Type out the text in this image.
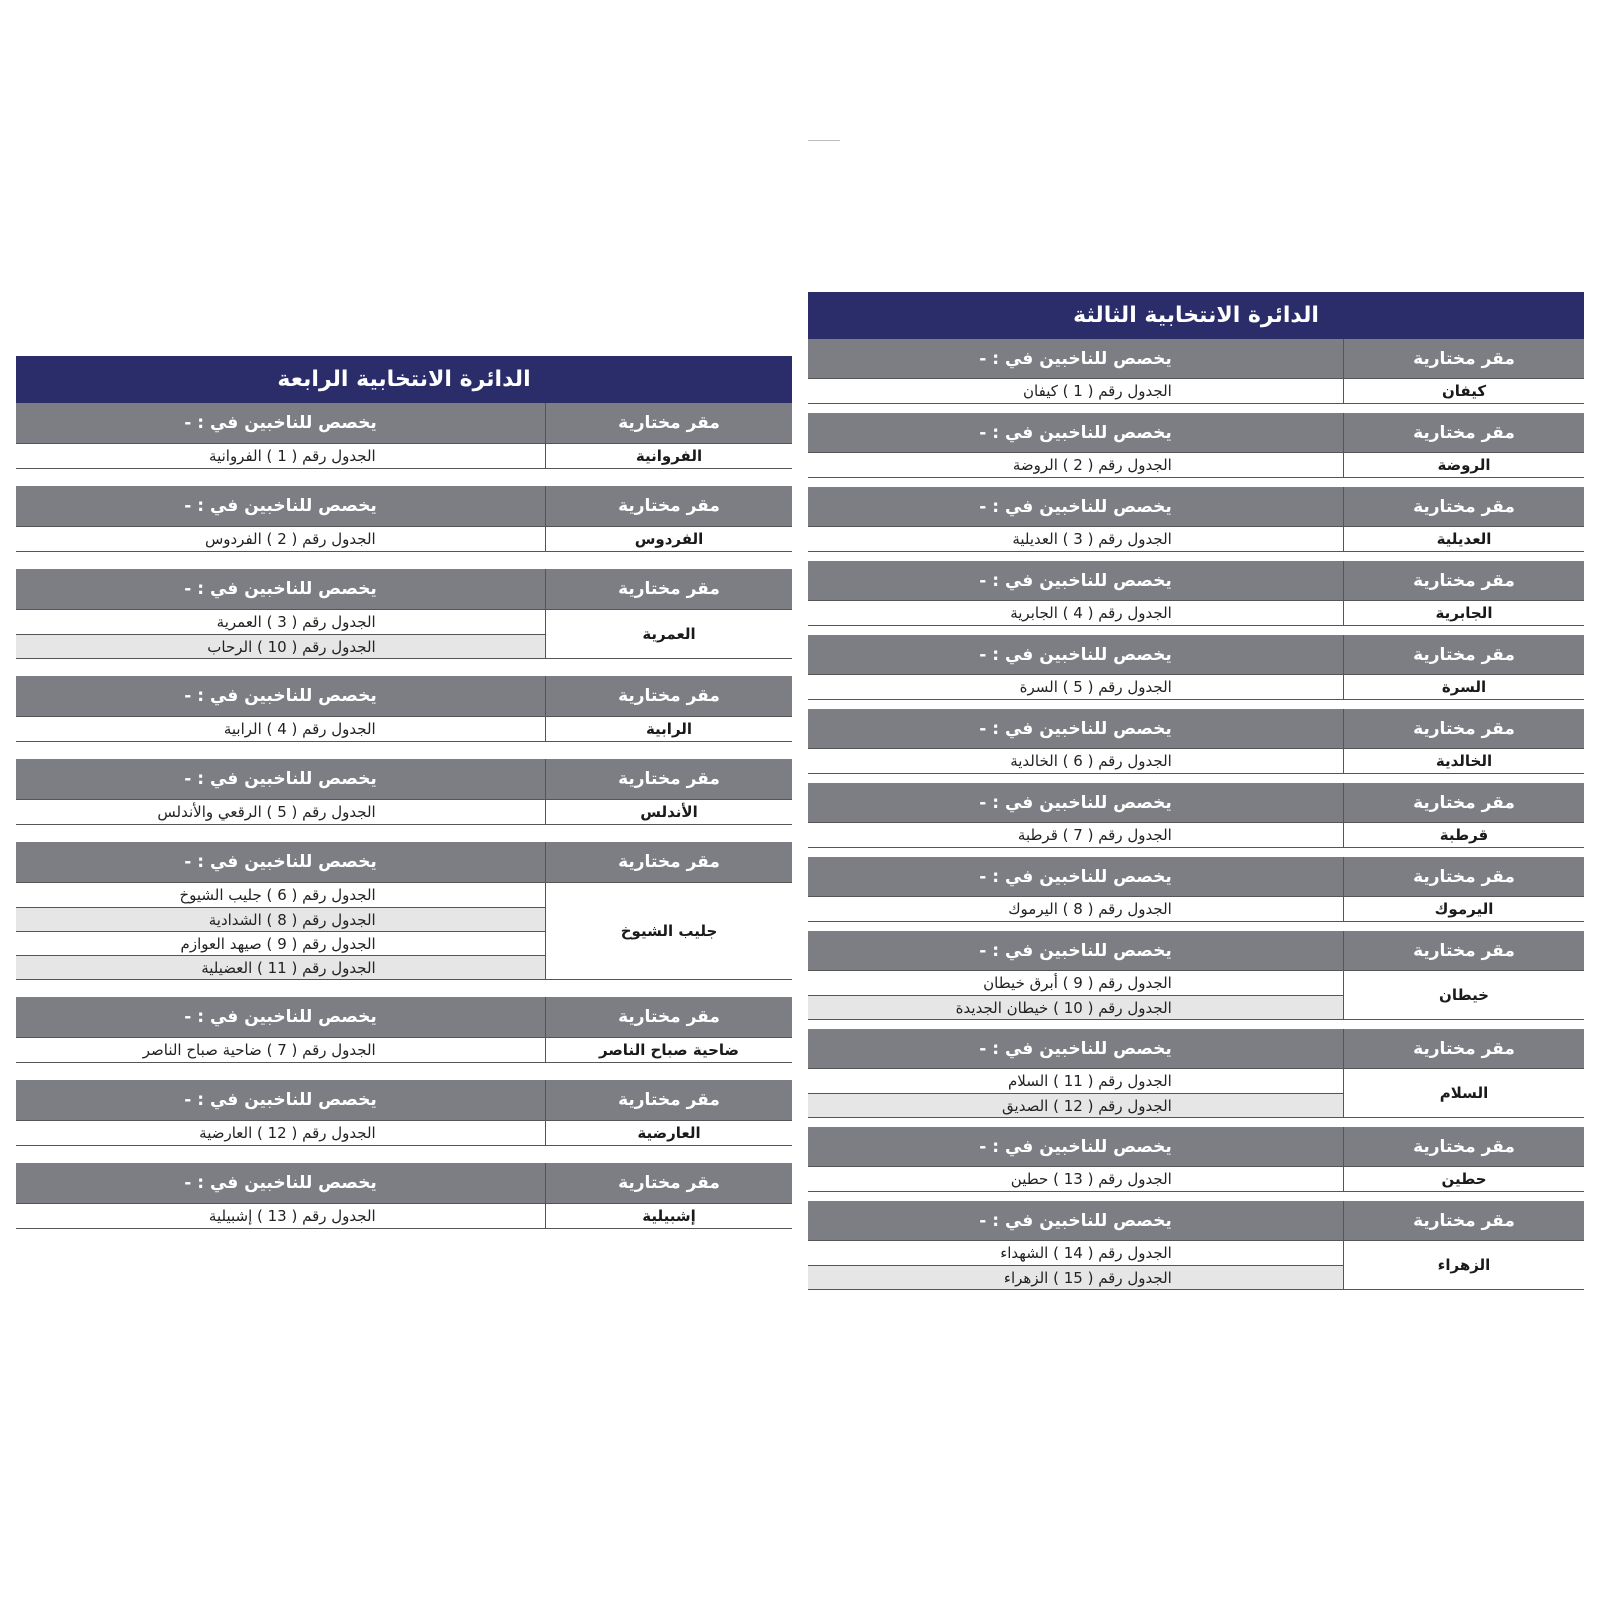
الدائرة الانتخابية الرابعة
مقر مختارية
يخصص للناخبين في : -
الفروانية
الجدول رقم ( 1 ) الفروانية
مقر مختارية
يخصص للناخبين في : -
الفردوس
الجدول رقم ( 2 ) الفردوس
مقر مختارية
يخصص للناخبين في : -
العمرية
الجدول رقم ( 3 ) العمرية
الجدول رقم ( 10 ) الرحاب
مقر مختارية
يخصص للناخبين في : -
الرابية
الجدول رقم ( 4 ) الرابية
مقر مختارية
يخصص للناخبين في : -
الأندلس
الجدول رقم ( 5 ) الرقعي والأندلس
مقر مختارية
يخصص للناخبين في : -
جليب الشيوخ
الجدول رقم ( 6 ) جليب الشيوخ
الجدول رقم ( 8 ) الشدادية
الجدول رقم ( 9 ) صيهد العوازم
الجدول رقم ( 11 ) العضيلية
مقر مختارية
يخصص للناخبين في : -
ضاحية صباح الناصر
الجدول رقم ( 7 ) ضاحية صباح الناصر
مقر مختارية
يخصص للناخبين في : -
العارضية
الجدول رقم ( 12 ) العارضية
مقر مختارية
يخصص للناخبين في : -
إشبيلية
الجدول رقم ( 13 ) إشبيلية
الدائرة الانتخابية الثالثة
مقر مختارية
يخصص للناخبين في : -
كيفان
الجدول رقم ( 1 ) كيفان
مقر مختارية
يخصص للناخبين في : -
الروضة
الجدول رقم ( 2 ) الروضة
مقر مختارية
يخصص للناخبين في : -
العديلية
الجدول رقم ( 3 ) العديلية
مقر مختارية
يخصص للناخبين في : -
الجابرية
الجدول رقم ( 4 ) الجابرية
مقر مختارية
يخصص للناخبين في : -
السرة
الجدول رقم ( 5 ) السرة
مقر مختارية
يخصص للناخبين في : -
الخالدية
الجدول رقم ( 6 ) الخالدية
مقر مختارية
يخصص للناخبين في : -
قرطبة
الجدول رقم ( 7 ) قرطبة
مقر مختارية
يخصص للناخبين في : -
اليرموك
الجدول رقم ( 8 ) اليرموك
مقر مختارية
يخصص للناخبين في : -
خيطان
الجدول رقم ( 9 ) أبرق خيطان
الجدول رقم ( 10 ) خيطان الجديدة
مقر مختارية
يخصص للناخبين في : -
السلام
الجدول رقم ( 11 ) السلام
الجدول رقم ( 12 ) الصديق
مقر مختارية
يخصص للناخبين في : -
حطين
الجدول رقم ( 13 ) حطين
مقر مختارية
يخصص للناخبين في : -
الزهراء
الجدول رقم ( 14 ) الشهداء
الجدول رقم ( 15 ) الزهراء
